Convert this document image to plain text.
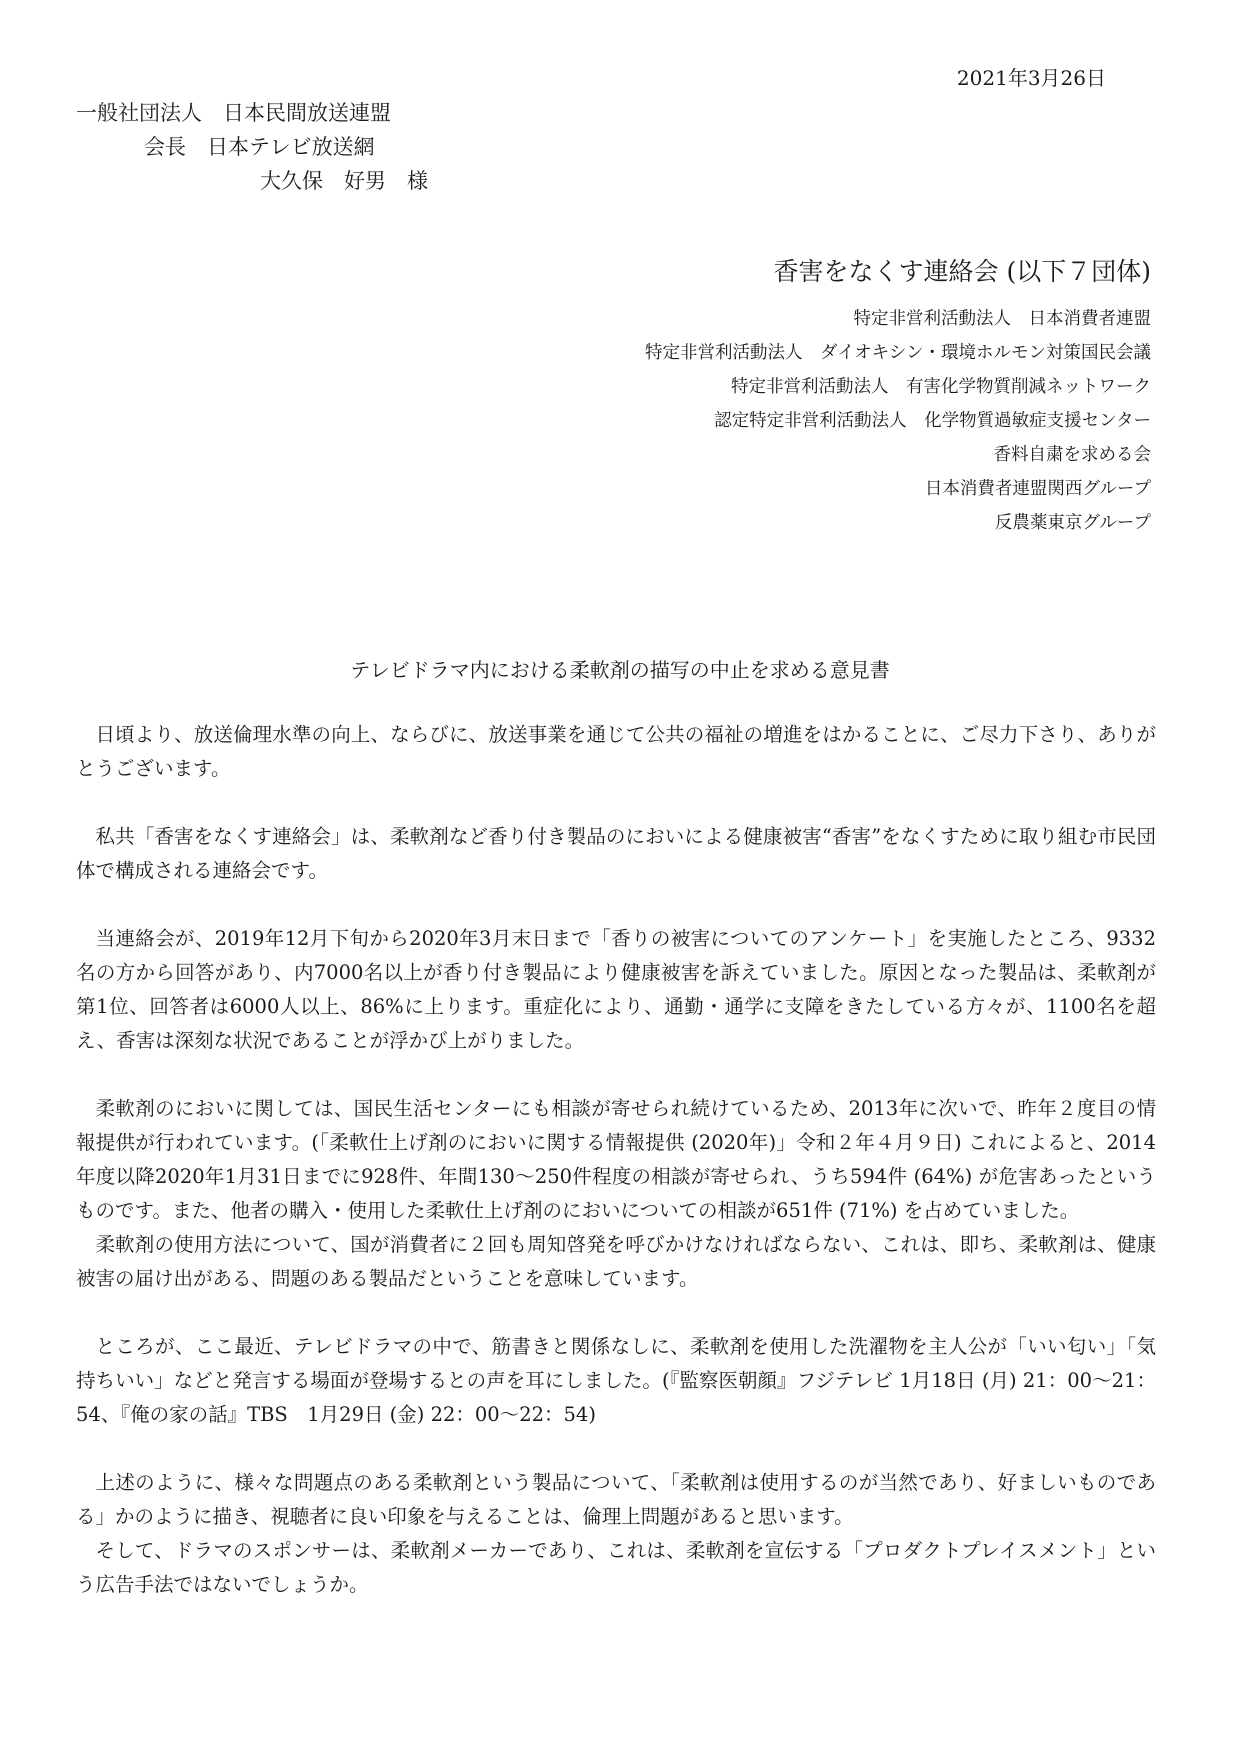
2021年3月26日
一般社団法人　日本民間放送連盟
会長　日本テレビ放送網
大久保　好男　様
香害をなくす連絡会 (以下７団体)
特定非営利活動法人　日本消費者連盟
特定非営利活動法人　ダイオキシン・環境ホルモン対策国民会議
特定非営利活動法人　有害化学物質削減ネットワーク
認定特定非営利活動法人　化学物質過敏症支援センター
香料自粛を求める会
日本消費者連盟関西グループ
反農薬東京グループ
テレビドラマ内における柔軟剤の描写の中止を求める意見書

日頃より、放送倫理水準の向上、ならびに、放送事業を通じて公共の福祉の増進をはかることに、ご尽力下さり、ありがとうございます。

私共「香害をなくす連絡会」は、柔軟剤など香り付き製品のにおいによる健康被害“香害”をなくすために取り組む市民団体で構成される連絡会です。

当連絡会が、2019年12月下旬から2020年3月末日まで「香りの被害についてのアンケート」を実施したところ、9332名の方から回答があり、内7000名以上が香り付き製品により健康被害を訴えていました。原因となった製品は、柔軟剤が第1位、回答者は6000人以上、86%に上ります。重症化により、通勤・通学に支障をきたしている方々が、1100名を超え、香害は深刻な状況であることが浮かび上がりました。

柔軟剤のにおいに関しては、国民生活センターにも相談が寄せられ続けているため、2013年に次いで、昨年２度目の情報提供が行われています。(「柔軟仕上げ剤のにおいに関する情報提供 (2020年)」令和２年４月９日) これによると、2014年度以降2020年1月31日までに928件、年間130～250件程度の相談が寄せられ、うち594件 (64%) が危害あったというものです。また、他者の購入・使用した柔軟仕上げ剤のにおいについての相談が651件 (71%) を占めていました。

柔軟剤の使用方法について、国が消費者に２回も周知啓発を呼びかけなければならない、これは、即ち、柔軟剤は、健康被害の届け出がある、問題のある製品だということを意味しています。

ところが、ここ最近、テレビドラマの中で、筋書きと関係なしに、柔軟剤を使用した洗濯物を主人公が「いい匂い」「気持ちいい」などと発言する場面が登場するとの声を耳にしました。(『監察医朝顔』フジテレビ 1月18日 (月) 21：00～21：54、『俺の家の話』TBS　1月29日 (金) 22：00～22：54)

上述のように、様々な問題点のある柔軟剤という製品について、「柔軟剤は使用するのが当然であり、好ましいものである」かのように描き、視聴者に良い印象を与えることは、倫理上問題があると思います。

そして、ドラマのスポンサーは、柔軟剤メーカーであり、これは、柔軟剤を宣伝する「プロダクトプレイスメント」という広告手法ではないでしょうか。
